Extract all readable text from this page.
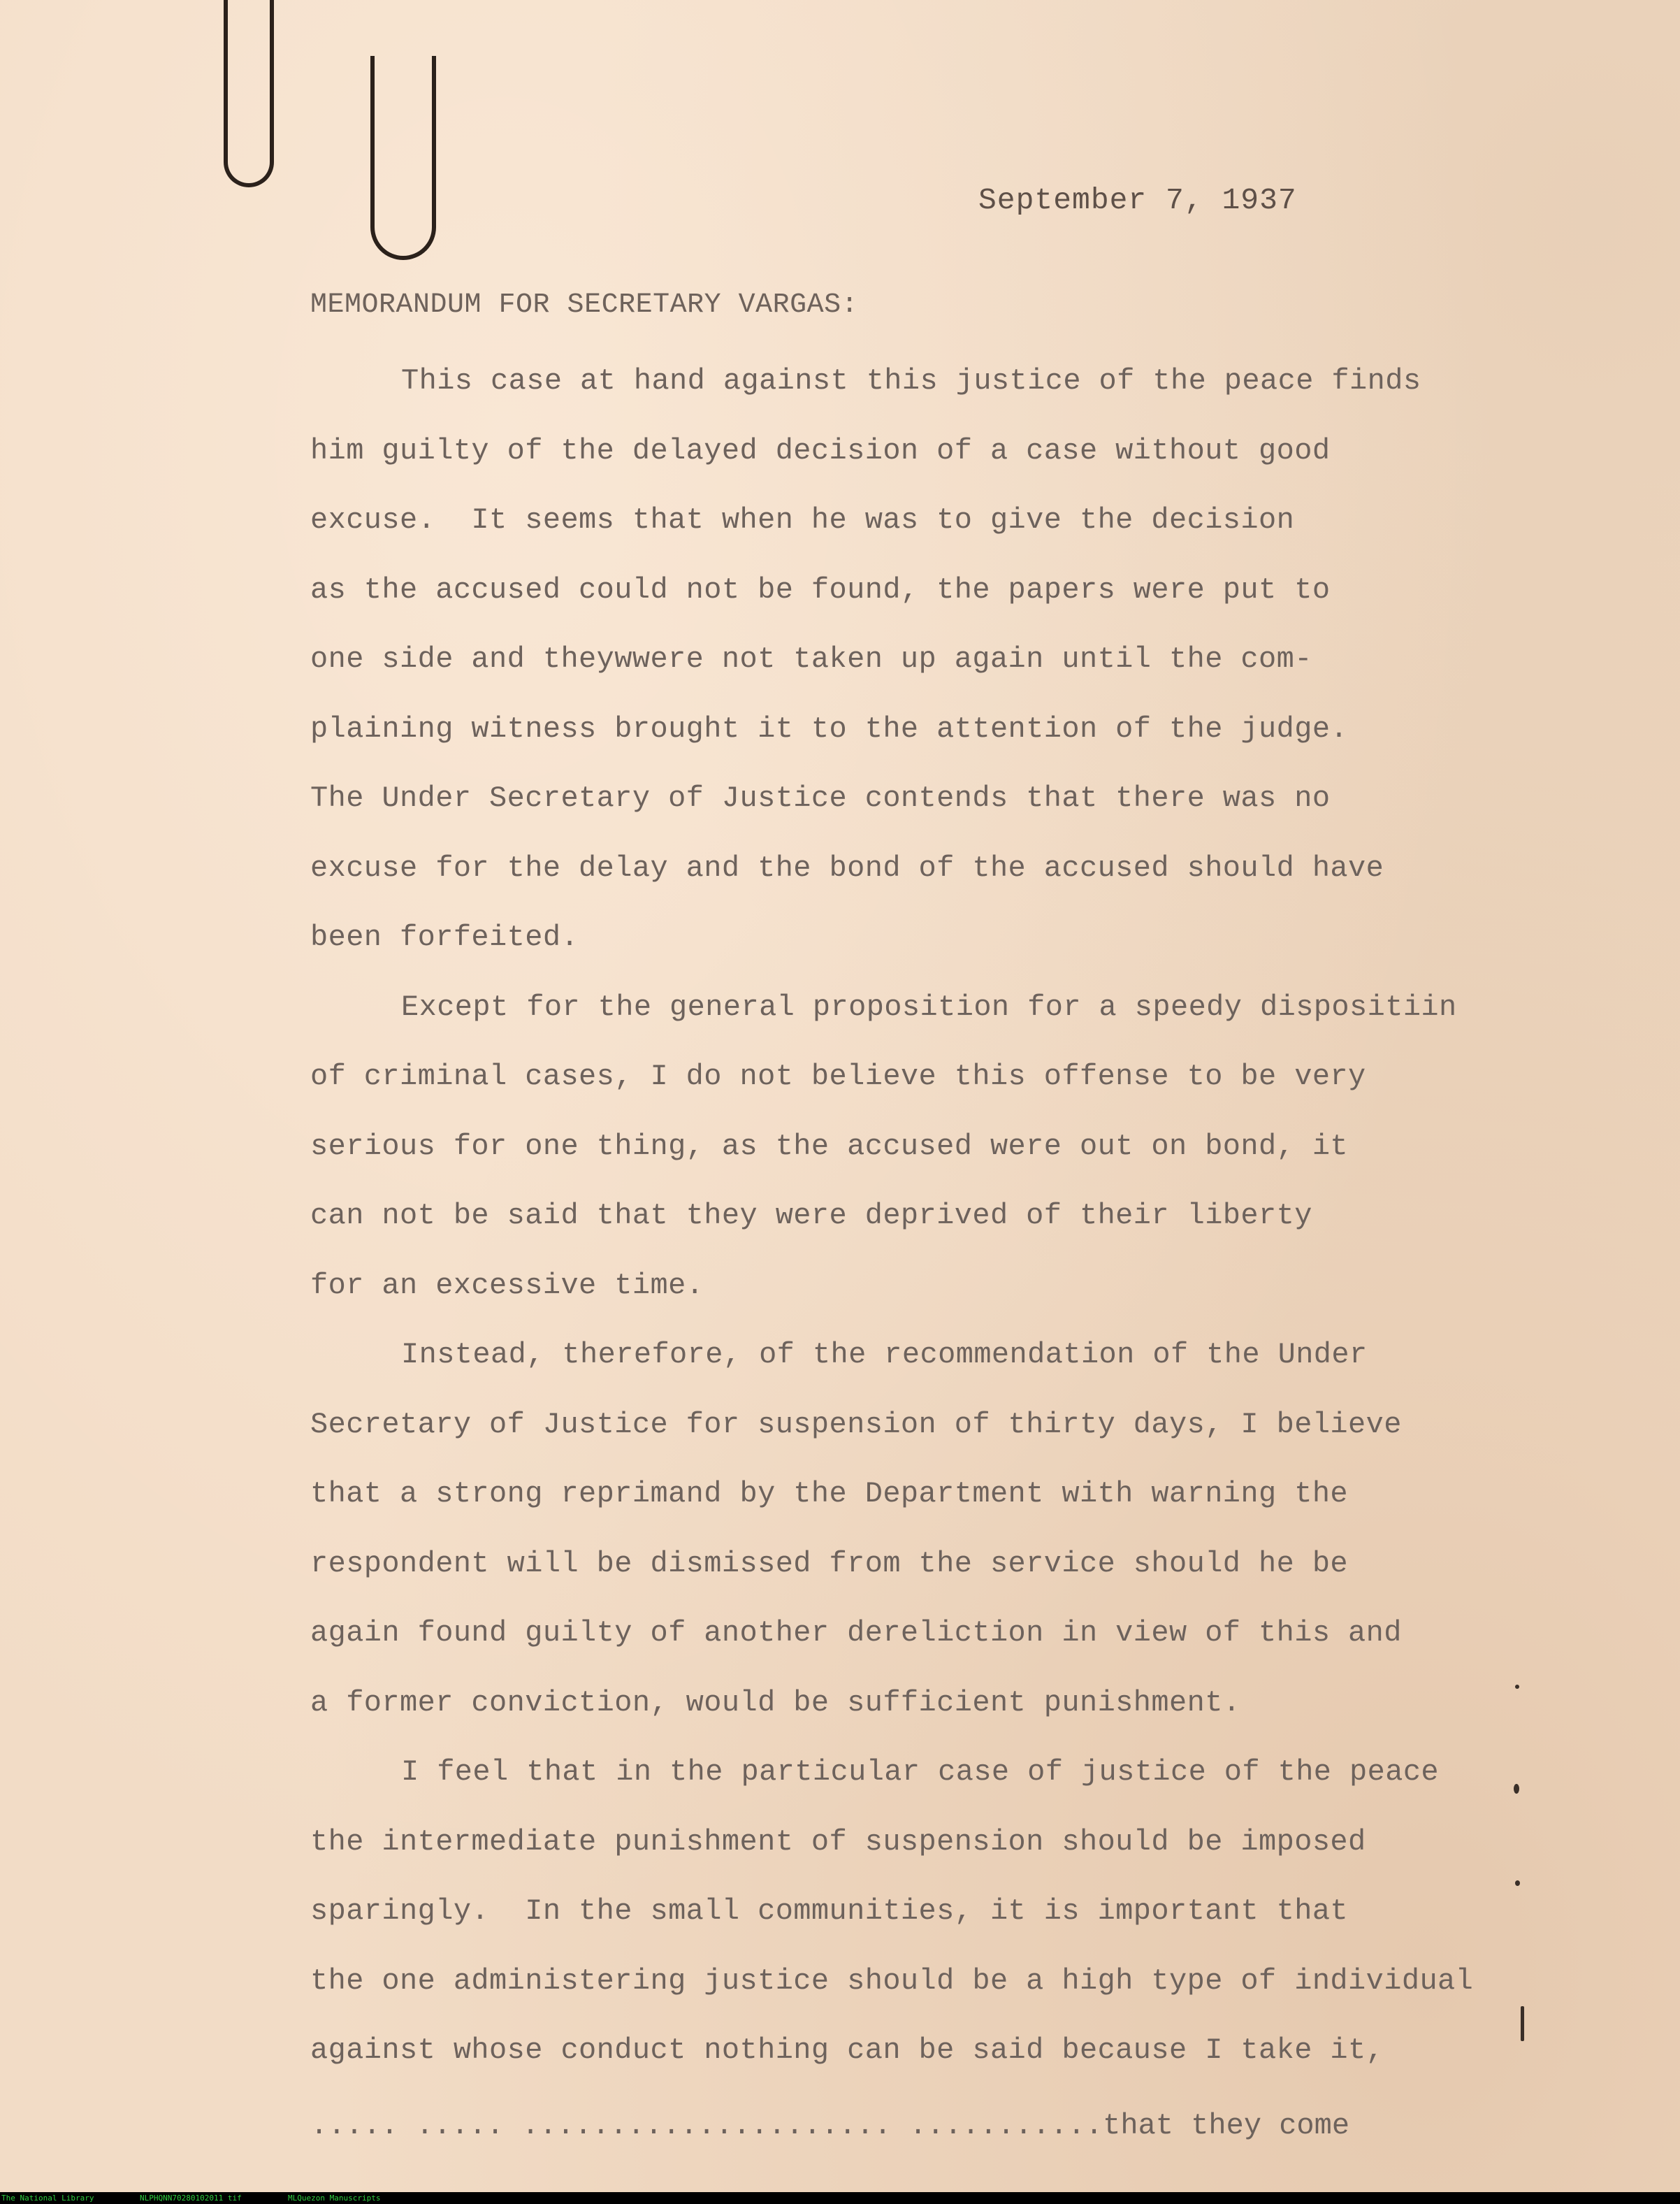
September 7, 1937
MEMORANDUM FOR SECRETARY VARGAS:
This case at hand against this justice of the peace finds
him guilty of the delayed decision of a case without good
excuse.  It seems that when he was to give the decision
as the accused could not be found, the papers were put to
one side and theywwere not taken up again until the com-
plaining witness brought it to the attention of the judge.
The Under Secretary of Justice contends that there was no
excuse for the delay and the bond of the accused should have
been forfeited.
Except for the general proposition for a speedy dispositiin
of criminal cases, I do not believe this offense to be very
serious for one thing, as the accused were out on bond, it
can not be said that they were deprived of their liberty
for an excessive time.
Instead, therefore, of the recommendation of the Under
Secretary of Justice for suspension of thirty days, I believe
that a strong reprimand by the Department with warning the
respondent will be dismissed from the service should he be
again found guilty of another dereliction in view of this and
a former conviction, would be sufficient punishment.
I feel that in the particular case of justice of the peace
the intermediate punishment of suspension should be imposed
sparingly.  In the small communities, it is important that
the one administering justice should be a high type of individual
against whose conduct nothing can be said because I take it,
..... ..... ..................... ...........that they come
The National Library	NLPHQNN70280102011 tif	MLQuezon Manuscripts
